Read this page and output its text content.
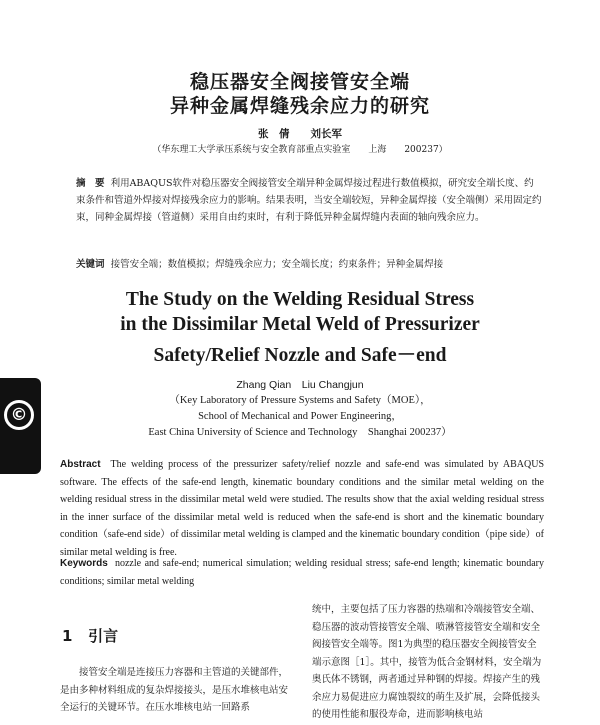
稳压器安全阀接管安全端
异种金属焊缝残余应力的研究
张　倩　　刘长军
（华东理工大学承压系统与安全教育部重点实验室　　上海　　200237）
摘　要 利用ABAQUS软件对稳压器安全阀接管安全端异种金属焊接过程进行数值模拟，研究安全端长度、约束条件和管道外焊接对焊接残余应力的影响。结果表明，当安全端较短，异种金属焊接（安全端侧）采用固定约束，同种金属焊接（管道侧）采用自由约束时，有利于降低异种金属焊缝内表面的轴向残余应力。
关键词 接管安全端；数值模拟；焊缝残余应力；安全端长度；约束条件；异种金属焊接
The Study on the Welding Residual Stress
in the Dissimilar Metal Weld of Pressurizer
Safety/Relief Nozzle and Safe－end
Zhang Qian　Liu Changjun
（Key Laboratory of Pressure Systems and Safety（MOE），
School of Mechanical and Power Engineering，
East China University of Science and Technology　Shanghai 200237）
©
Abstract The welding process of the pressurizer safety/relief nozzle and safe-end was simulated by ABAQUS software. The effects of the safe-end length, kinematic boundary conditions and the similar metal welding on the welding residual stress in the dissimilar metal weld were studied. The results show that the axial welding residual stress in the inner surface of the dissimilar metal weld is reduced when the safe-end is short and the kinematic boundary condition（safe-end side）of dissimilar metal welding is clamped and the kinematic boundary condition（pipe side）of similar metal welding is free.
Keywords nozzle and safe-end; numerical simulation; welding residual stress; safe-end length; kinematic boundary conditions; similar metal welding
1 引言
接管安全端是连接压力容器和主管道的关键部件，是由多种材料组成的复杂焊接接头，是压水堆核电站安全运行的关键环节。在压水堆核电站一回路系
统中，主要包括了压力容器的热端和冷端接管安全端、稳压器的波动管接管安全端、喷淋管接管安全端和安全阀接管安全端等。图1为典型的稳压器安全阀接管安全端示意图［1］。其中，接管为低合金钢材料，安全端为奥氏体不锈钢，两者通过异种钢的焊接。焊接产生的残余应力易促进应力腐蚀裂纹的萌生及扩展，会降低接头的使用性能和服役寿命，进而影响核电站
